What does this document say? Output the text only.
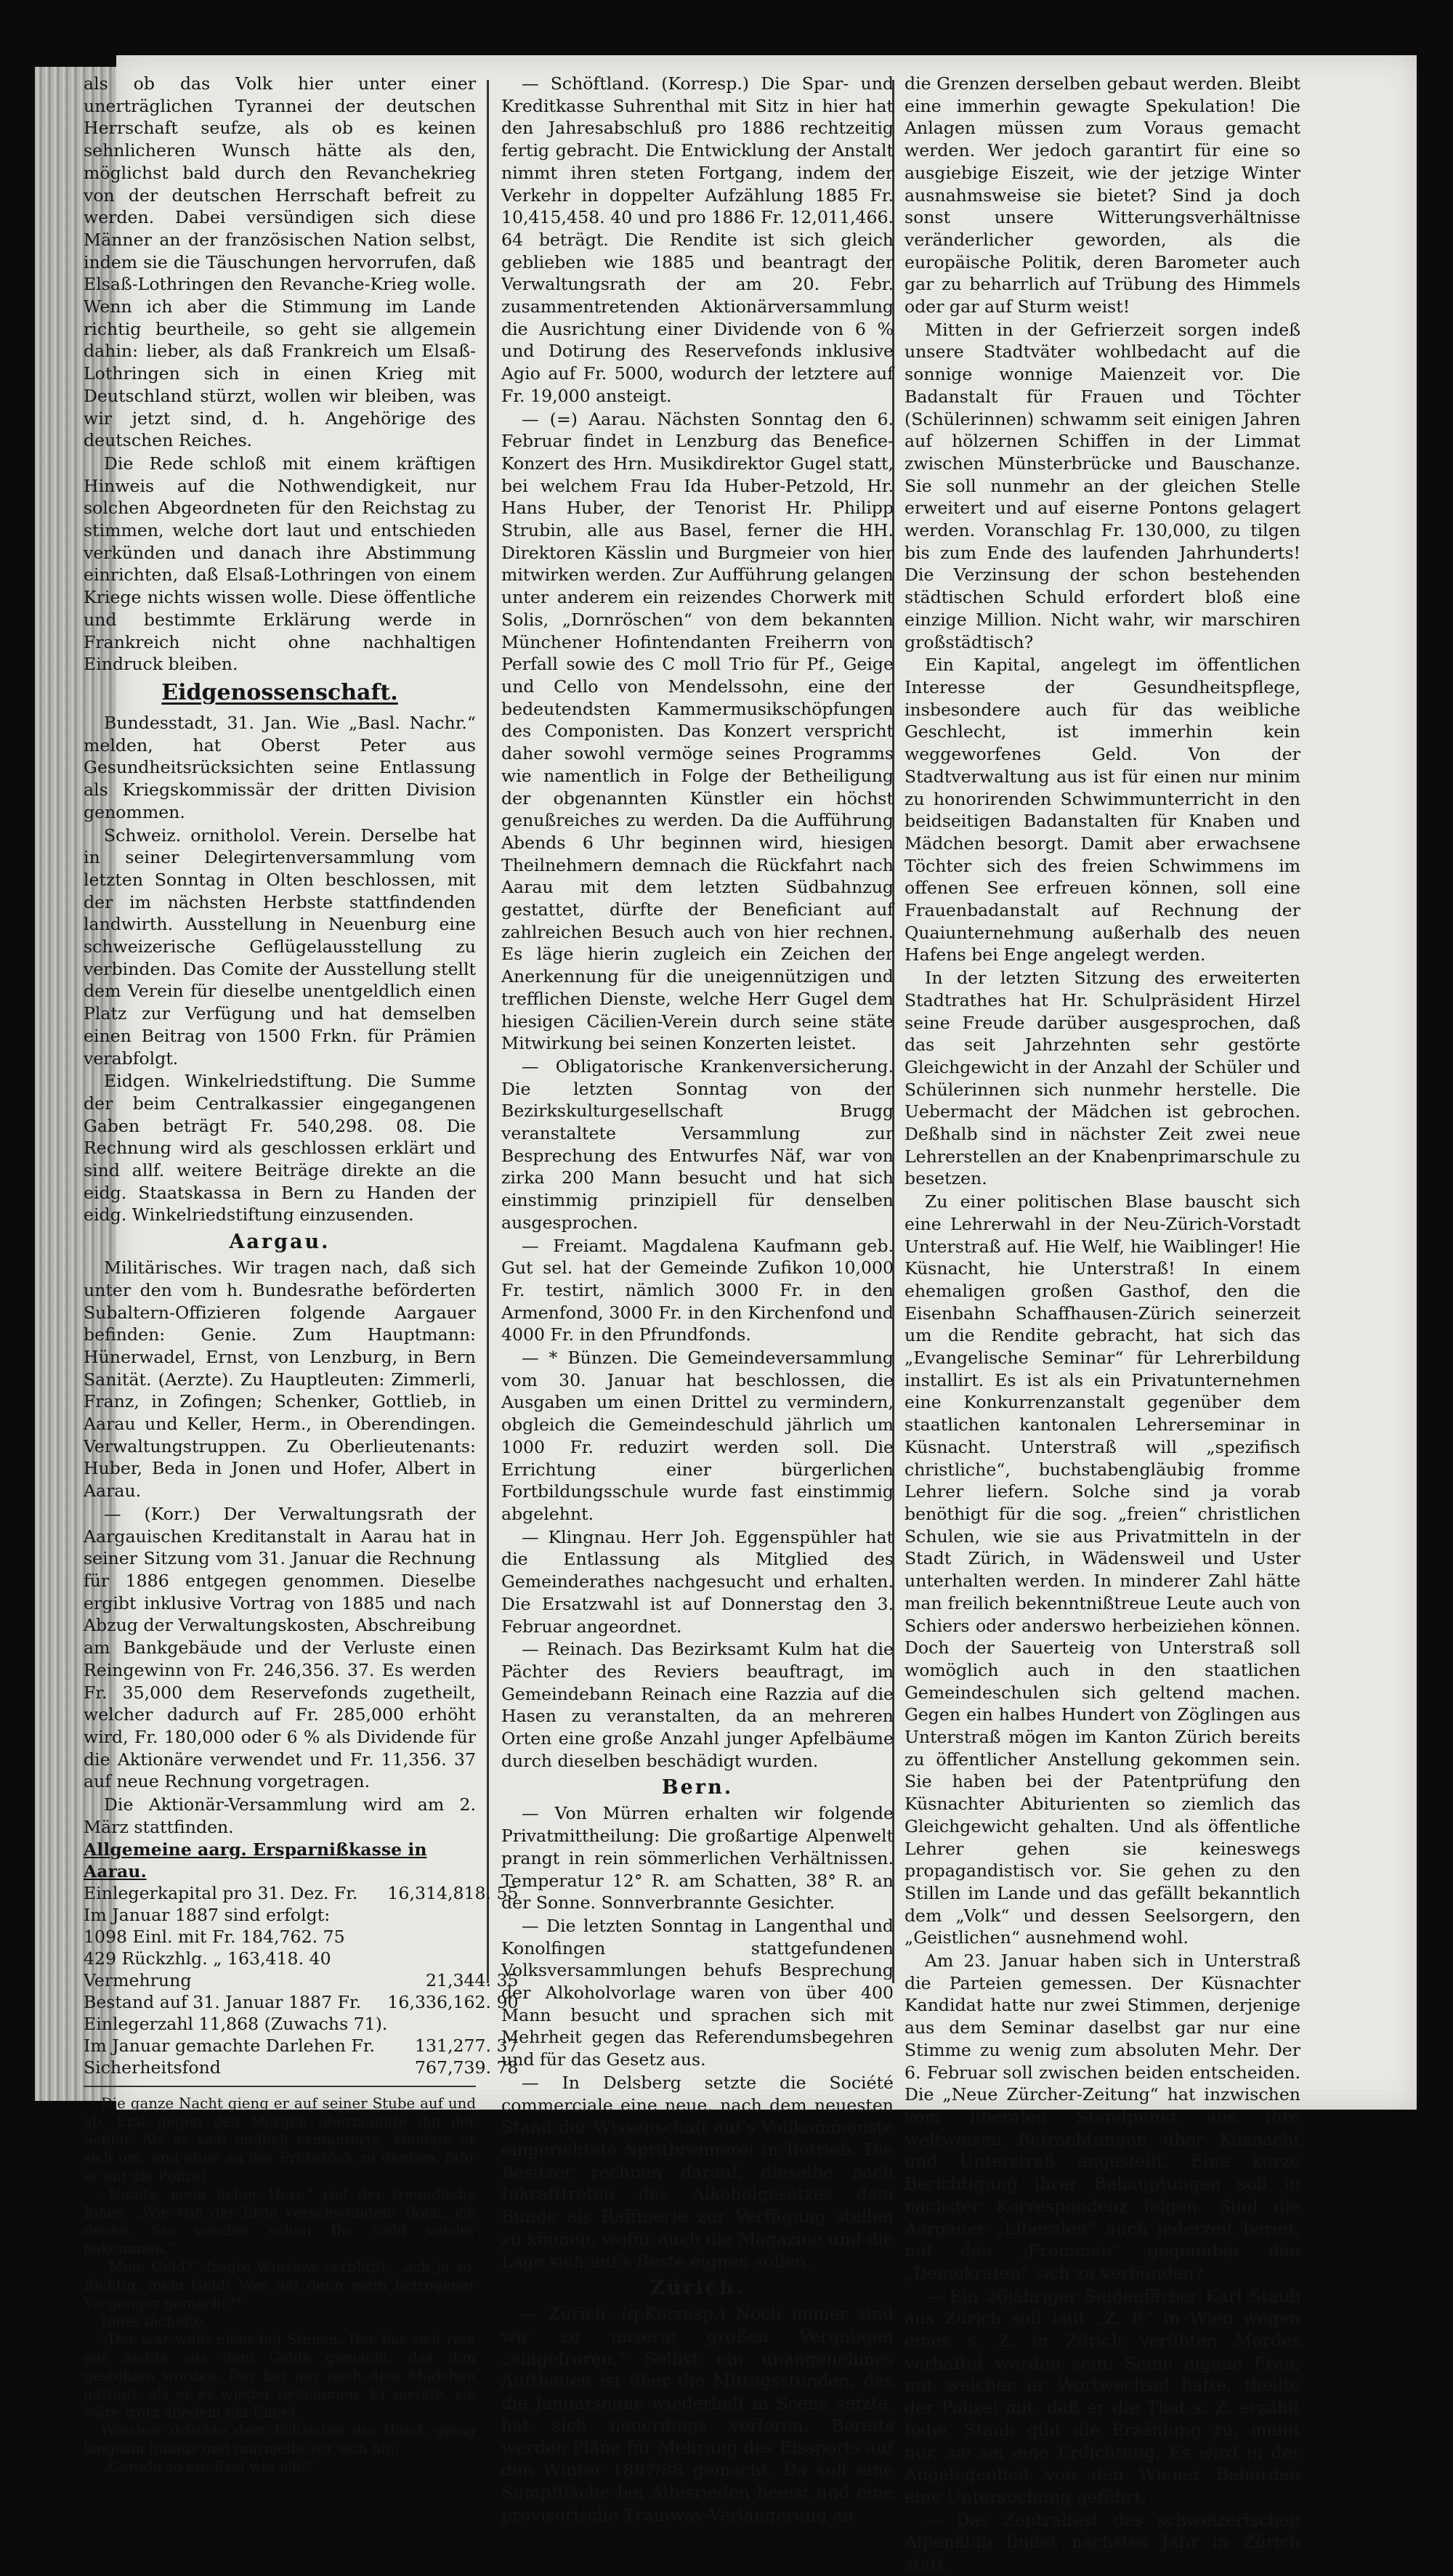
als ob das Volk hier unter einer unerträglichen Tyrannei der deutschen Herrschaft seufze, als ob es keinen sehnlicheren Wunsch hätte als den, möglichst bald durch den Revanchekrieg von der deutschen Herrschaft befreit zu werden. Dabei versündigen sich diese Männer an der französischen Nation selbst, indem sie die Täuschungen hervorrufen, daß Elsaß-Lothringen den Revanche-Krieg wolle. Wenn ich aber die Stimmung im Lande richtig beurtheile, so geht sie allgemein dahin: lieber, als daß Frankreich um Elsaß-Lothringen sich in einen Krieg mit Deutschland stürzt, wollen wir bleiben, was wir jetzt sind, d. h. Angehörige des deutschen Reiches.

Die Rede schloß mit einem kräftigen Hinweis auf die Nothwendigkeit, nur solchen Abgeordneten für den Reichstag zu stimmen, welche dort laut und entschieden verkünden und danach ihre Abstimmung einrichten, daß Elsaß-Lothringen von einem Kriege nichts wissen wolle. Diese öffentliche und bestimmte Erklärung werde in Frankreich nicht ohne nachhaltigen Eindruck bleiben.

Eidgenossenschaft.

Bundesstadt, 31. Jan. Wie „Basl. Nachr.“ melden, hat Oberst Peter aus Gesundheitsrücksichten seine Entlassung als Kriegskommissär der dritten Division genommen.

Schweiz. ornitholol. Verein. Derselbe hat in seiner Delegirtenversammlung vom letzten Sonntag in Olten beschlossen, mit der im nächsten Herbste stattfindenden landwirth. Ausstellung in Neuenburg eine schweizerische Geflügelausstellung zu verbinden. Das Comite der Ausstellung stellt dem Verein für dieselbe unentgeldlich einen Platz zur Verfügung und hat demselben einen Beitrag von 1500 Frkn. für Prämien verabfolgt.

Eidgen. Winkelriedstiftung. Die Summe der beim Centralkassier eingegangenen Gaben beträgt Fr. 540,298. 08. Die Rechnung wird als geschlossen erklärt und sind allf. weitere Beiträge direkte an die eidg. Staatskassa in Bern zu Handen der eidg. Winkelriedstiftung einzusenden.

Aargau.

Militärisches. Wir tragen nach, daß sich unter den vom h. Bundesrathe beförderten Subaltern-Offizieren folgende Aargauer befinden: Genie. Zum Hauptmann: Hünerwadel, Ernst, von Lenzburg, in Bern Sanität. (Aerzte). Zu Hauptleuten: Zimmerli, Franz, in Zofingen; Schenker, Gottlieb, in Aarau und Keller, Herm., in Oberendingen. Verwaltungstruppen. Zu Oberlieutenants: Huber, Beda in Jonen und Hofer, Albert in Aarau.

— (Korr.) Der Verwaltungsrath der Aargauischen Kreditanstalt in Aarau hat in seiner Sitzung vom 31. Januar die Rechnung für 1886 entgegen genommen. Dieselbe ergibt inklusive Vortrag von 1885 und nach Abzug der Verwaltungskosten, Abschreibung am Bankgebäude und der Verluste einen Reingewinn von Fr. 246,356. 37. Es werden Fr. 35,000 dem Reservefonds zugetheilt, welcher dadurch auf Fr. 285,000 erhöht wird, Fr. 180,000 oder 6 % als Dividende für die Aktionäre verwendet und Fr. 11,356. 37 auf neue Rechnung vorgetragen.

Die Aktionär-Versammlung wird am 2. März stattfinden.

Allgemeine aarg. Ersparnißkasse in Aarau.
Einlegerkapital pro 31. Dez. Fr.	16,314,818. 55
Im Januar 1887 sind erfolgt:	
1098 Einl. mit Fr. 184,762. 75	
429 Rückzhlg. „ 163,418. 40	
Vermehrung	21,344. 35
Bestand auf 31. Januar 1887 Fr.	16,336,162. 90
Einlegerzahl 11,868 (Zuwachs 71).	
Im Januar gemachte Darlehen Fr.	131,277. 37
Sicherheitsfond	767,739. 78

Die ganze Nacht gieng er auf seiner Stube auf und ab. Erst gegen den Morgen übermannte ihn der Schlaf. Als er sich endlich ermunterte, kleidete er sich um, und ohne an das Frühstück zu denken, fuhr er auf die Polizei.

„Nichts, mein lieber Herr,“ rief der freundliche Jones. „Wie von der Erde verschwunden! Doch, ich denke, Sie werden schon Ihr Geld wieder bekommen.“

„Mein Geld?“ fragte Winslow verblüfft; „ach ja so. Richtig, mein Geld! Was hat denn mein betrogener Vorgänger gemacht?“

Jones lächelte.

„Der war wohl nicht bei Sinnen. Der hat sich rein gar nichts aus dem Gelde gemacht, das ihm gestohlen worden. Der hat nur nach dem Mädchen gefragt, als er es wieder bekommen. Er meinte, sie wäre trotz alledem ein Engel.

Winslow drückte dem Polizisten die Hand, gieng langsam hinaus und murmelte vor sich hin:

„Gerade so ein Esel wie ich!“

— Schöftland. (Korresp.) Die Spar- und Kreditkasse Suhrenthal mit Sitz in hier hat den Jahresabschluß pro 1886 rechtzeitig fertig gebracht. Die Entwicklung der Anstalt nimmt ihren steten Fortgang, indem der Verkehr in doppelter Aufzählung 1885 Fr. 10,415,458. 40 und pro 1886 Fr. 12,011,466. 64 beträgt. Die Rendite ist sich gleich geblieben wie 1885 und beantragt der Verwaltungsrath der am 20. Febr. zusammentretenden Aktionärversammlung die Ausrichtung einer Dividende von 6 % und Dotirung des Reservefonds inklusive Agio auf Fr. 5000, wodurch der letztere auf Fr. 19,000 ansteigt.

— (=) Aarau. Nächsten Sonntag den 6. Februar findet in Lenzburg das Benefice-Konzert des Hrn. Musikdirektor Gugel statt, bei welchem Frau Ida Huber-Petzold, Hr. Hans Huber, der Tenorist Hr. Philipp Strubin, alle aus Basel, ferner die HH. Direktoren Kässlin und Burgmeier von hier mitwirken werden. Zur Aufführung gelangen unter anderem ein reizendes Chorwerk mit Solis, „Dornröschen“ von dem bekannten Münchener Hofintendanten Freiherrn von Perfall sowie des C moll Trio für Pf., Geige und Cello von Mendelssohn, eine der bedeutendsten Kammermusikschöpfungen des Componisten. Das Konzert verspricht daher sowohl vermöge seines Programms wie namentlich in Folge der Betheiligung der obgenannten Künstler ein höchst genußreiches zu werden. Da die Aufführung Abends 6 Uhr beginnen wird, hiesigen Theilnehmern demnach die Rückfahrt nach Aarau mit dem letzten Südbahnzug gestattet, dürfte der Beneficiant auf zahlreichen Besuch auch von hier rechnen. Es läge hierin zugleich ein Zeichen der Anerkennung für die uneigennützigen und trefflichen Dienste, welche Herr Gugel dem hiesigen Cäcilien-Verein durch seine stäte Mitwirkung bei seinen Konzerten leistet.

— Obligatorische Krankenversicherung. Die letzten Sonntag von der Bezirkskulturgesellschaft Brugg veranstaltete Versammlung zur Besprechung des Entwurfes Näf, war von zirka 200 Mann besucht und hat sich einstimmig prinzipiell für denselben ausgesprochen.

— Freiamt. Magdalena Kaufmann geb. Gut sel. hat der Gemeinde Zufikon 10,000 Fr. testirt, nämlich 3000 Fr. in den Armenfond, 3000 Fr. in den Kirchenfond und 4000 Fr. in den Pfrundfonds.

— * Bünzen. Die Gemeindeversammlung vom 30. Januar hat beschlossen, die Ausgaben um einen Drittel zu vermindern, obgleich die Gemeindeschuld jährlich um 1000 Fr. reduzirt werden soll. Die Errichtung einer bürgerlichen Fortbildungsschule wurde fast einstimmig abgelehnt.

— Klingnau. Herr Joh. Eggenspühler hat die Entlassung als Mitglied des Gemeinderathes nachgesucht und erhalten. Die Ersatzwahl ist auf Donnerstag den 3. Februar angeordnet.

— Reinach. Das Bezirksamt Kulm hat die Pächter des Reviers beauftragt, im Gemeindebann Reinach eine Razzia auf die Hasen zu veranstalten, da an mehreren Orten eine große Anzahl junger Apfelbäume durch dieselben beschädigt wurden.

Bern.

— Von Mürren erhalten wir folgende Privatmittheilung: Die großartige Alpenwelt prangt in rein sömmerlichen Verhältnissen. Temperatur 12° R. am Schatten, 38° R. an der Sonne. Sonnverbrannte Gesichter.

— Die letzten Sonntag in Langenthal und Konolfingen stattgefundenen Volksversammlungen behufs Besprechung der Alkoholvorlage waren von über 400 Mann besucht und sprachen sich mit Mehrheit gegen das Referendumsbegehren und für das Gesetz aus.

— In Delsberg setzte die Société commerciale eine neue, nach dem neuesten Stand der Wissenschaft auf's Vollkommenste eingerichtete Spritbrennerei in Betrieb. Die Besitzer rechnen darauf, dieselbe nach Inkrafttreten des Alkoholgesetzes dem Bunde als Raffinerie zur Verfügung stellen zu können, wofür auch die Magazine und die Lage sich auf's Beste eignen sollen.

Zürich.

— Zürich. (q-Korresp.) Noch immer sind wir zu unserm großen Vergnügen „eingefroren.“ Selbst ein unangenehmes Aufthauen ist über die Mittagsstunden, das die Januarsonne wiederholt in Scene setzte, hat sich neuerdings verloren. Bereits werden Pläne für Mehrung des Eissports auf den Winter 1887/88 gemacht. Da soll eine Sumpffläche bei Albisrieden beeist und eine provisorische Tramway-Verlängerung an

die Grenzen derselben gebaut werden. Bleibt eine immerhin gewagte Spekulation! Die Anlagen müssen zum Voraus gemacht werden. Wer jedoch garantirt für eine so ausgiebige Eiszeit, wie der jetzige Winter ausnahmsweise sie bietet? Sind ja doch sonst unsere Witterungsverhältnisse veränderlicher geworden, als die europäische Politik, deren Barometer auch gar zu beharrlich auf Trübung des Himmels oder gar auf Sturm weist!

Mitten in der Gefrierzeit sorgen indeß unsere Stadtväter wohlbedacht auf die sonnige wonnige Maienzeit vor. Die Badanstalt für Frauen und Töchter (Schülerinnen) schwamm seit einigen Jahren auf hölzernen Schiffen in der Limmat zwischen Münsterbrücke und Bauschanze. Sie soll nunmehr an der gleichen Stelle erweitert und auf eiserne Pontons gelagert werden. Voranschlag Fr. 130,000, zu tilgen bis zum Ende des laufenden Jahrhunderts! Die Verzinsung der schon bestehenden städtischen Schuld erfordert bloß eine einzige Million. Nicht wahr, wir marschiren großstädtisch?

Ein Kapital, angelegt im öffentlichen Interesse der Gesundheitspflege, insbesondere auch für das weibliche Geschlecht, ist immerhin kein weggeworfenes Geld. Von der Stadtverwaltung aus ist für einen nur minim zu honorirenden Schwimmunterricht in den beidseitigen Badanstalten für Knaben und Mädchen besorgt. Damit aber erwachsene Töchter sich des freien Schwimmens im offenen See erfreuen können, soll eine Frauenbadanstalt auf Rechnung der Quaiunternehmung außerhalb des neuen Hafens bei Enge angelegt werden.

In der letzten Sitzung des erweiterten Stadtrathes hat Hr. Schulpräsident Hirzel seine Freude darüber ausgesprochen, daß das seit Jahrzehnten sehr gestörte Gleichgewicht in der Anzahl der Schüler und Schülerinnen sich nunmehr herstelle. Die Uebermacht der Mädchen ist gebrochen. Deßhalb sind in nächster Zeit zwei neue Lehrerstellen an der Knabenprimarschule zu besetzen.

Zu einer politischen Blase bauscht sich eine Lehrerwahl in der Neu-Zürich-Vorstadt Unterstraß auf. Hie Welf, hie Waiblinger! Hie Küsnacht, hie Unterstraß! In einem ehemaligen großen Gasthof, den die Eisenbahn Schaffhausen-Zürich seinerzeit um die Rendite gebracht, hat sich das „Evangelische Seminar“ für Lehrerbildung installirt. Es ist als ein Privatunternehmen eine Konkurrenzanstalt gegenüber dem staatlichen kantonalen Lehrerseminar in Küsnacht. Unterstraß will „spezifisch christliche“, buchstabengläubig fromme Lehrer liefern. Solche sind ja vorab benöthigt für die sog. „freien“ christlichen Schulen, wie sie aus Privatmitteln in der Stadt Zürich, in Wädensweil und Uster unterhalten werden. In minderer Zahl hätte man freilich bekenntnißtreue Leute auch von Schiers oder anderswo herbeiziehen können. Doch der Sauerteig von Unterstraß soll womöglich auch in den staatlichen Gemeindeschulen sich geltend machen. Gegen ein halbes Hundert von Zöglingen aus Unterstraß mögen im Kanton Zürich bereits zu öffentlicher Anstellung gekommen sein. Sie haben bei der Patentprüfung den Küsnachter Abiturienten so ziemlich das Gleichgewicht gehalten. Und als öffentliche Lehrer gehen sie keineswegs propagandistisch vor. Sie gehen zu den Stillen im Lande und das gefällt bekanntlich dem „Volk“ und dessen Seelsorgern, den „Geistlichen“ ausnehmend wohl.

Am 23. Januar haben sich in Unterstraß die Parteien gemessen. Der Küsnachter Kandidat hatte nur zwei Stimmen, derjenige aus dem Seminar daselbst gar nur eine Stimme zu wenig zum absoluten Mehr. Der 6. Februar soll zwischen beiden entscheiden. Die „Neue Zürcher-Zeitung“ hat inzwischen vom liberalen Standpunkt aus ihre weltweisen Betrachtungen über Küsnacht und Unterstraß angestellt. Eine kurze Berichtigung ihrer Behauptungen soll in nächster Korrespondenz folgen. Sind die Aargauer „Liberalen“ auch jederzeit bereit, mit den „Frommen“ gegenüber den „Demokraten“ sich zu verbünden?

— Ein 26jähriger Seidenfärber Karl Staub aus Zürich soll laut „Z. P.“ in Wien wegen eines s. Z. in Zürich verübten Mordes verhaftet worden sein. Seine eigene Frau, mit welcher er Wortwechsel hatte, theilte der Polizei mit, daß er die That s. Z. erzählt habe. Staub gibt die Erzählung zu, meint nur, sie sei eine Erdichtung. Es wird in der Angelegenheit von den Wiener Behörden eine Untersuchung geführt.

— Das Zentralfest des schweizerischen Alpenklub findet nächstes Jahr in Zürich statt.
